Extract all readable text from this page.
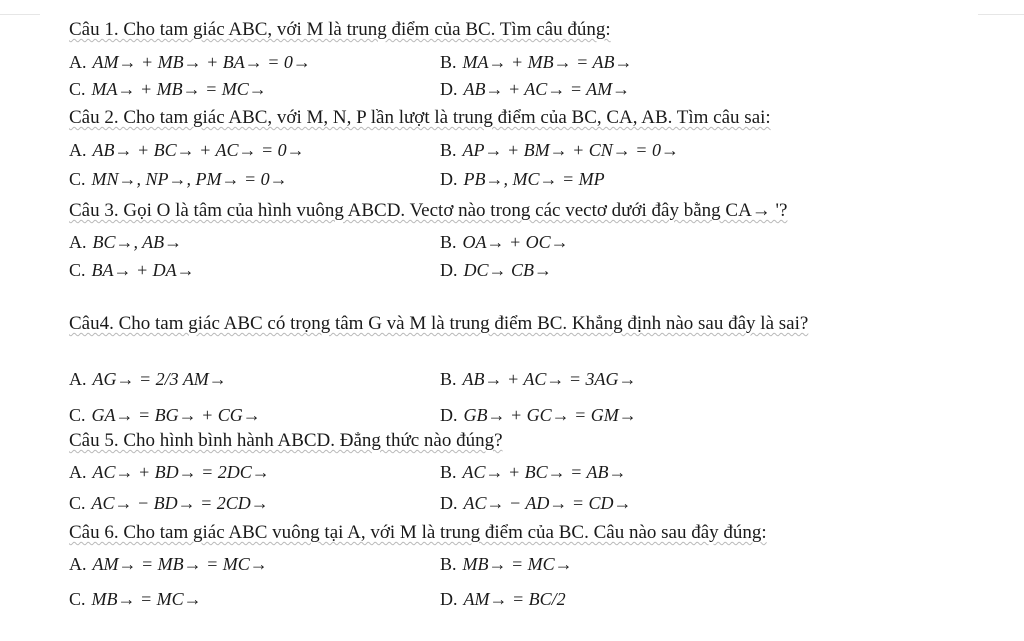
Câu 1. Cho tam giác ABC, với M là trung điểm của BC. Tìm câu đúng:
A. AM→ + MB→ + BA→ = 0→	B. MA→ + MB→ = AB→
C. MA→ + MB→ = MC→	D. AB→ + AC→ = AM→
Câu 2. Cho tam giác ABC, với M, N, P lần lượt là trung điểm của BC, CA, AB. Tìm câu sai:
A. AB→ + BC→ + AC→ = 0→	B. AP→ + BM→ + CN→ = 0→
C. MN→, NP→, PM→ = 0→	D. PB→, MC→ = MP
Câu 3. Gọi O là tâm của hình vuông ABCD. Vectơ nào trong các vectơ dưới đây bằng CA→ '?
A. BC→, AB→	B. OA→ + OC→
C. BA→ + DA→	D. DC→ CB→
Câu4. Cho tam giác ABC có trọng tâm G và M là trung điểm BC. Khẳng định nào sau đây là sai?
A. AG→ = 2/3 AM→	B. AB→ + AC→ = 3AG→
C. GA→ = BG→ + CG→	D. GB→ + GC→ = GM→
Câu 5. Cho hình bình hành ABCD. Đẳng thức nào đúng?
A. AC→ + BD→ = 2DC→	B. AC→ + BC→ = AB→
C. AC→ − BD→ = 2CD→	D. AC→ − AD→ = CD→
Câu 6. Cho tam giác ABC vuông tại A, với M là trung điểm của BC. Câu nào sau đây đúng:
A. AM→ = MB→ = MC→	B. MB→ = MC→
C. MB→ = MC→	D. AM→ = BC/2
